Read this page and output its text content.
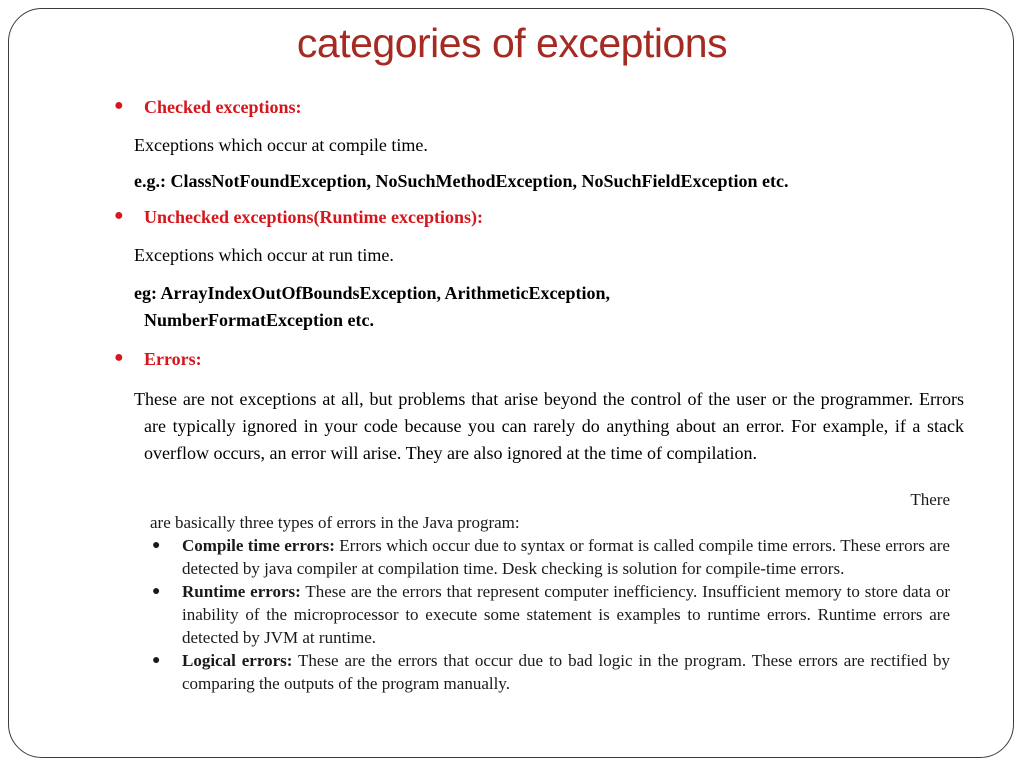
categories of exceptions
● Checked exceptions:
Exceptions which occur at compile time.
e.g.: ClassNotFoundException, NoSuchMethodException, NoSuchFieldException etc.
● Unchecked exceptions(Runtime exceptions):
Exceptions which occur at run time.
eg: ArrayIndexOutOfBoundsException, ArithmeticException, NumberFormatException etc.
● Errors:
These are not exceptions at all, but problems that arise beyond the control of the user or the programmer. Errors are typically ignored in your code because you can rarely do anything about an error. For example, if a stack overflow occurs, an error will arise. They are also ignored at the time of compilation.

There

are basically three types of errors in the Java program:

● Compile time errors: Errors which occur due to syntax or format is called compile time errors. These errors are detected by java compiler at compilation time. Desk checking is solution for compile-time errors.
● Runtime errors: These are the errors that represent computer inefficiency. Insufficient memory to store data or inability of the microprocessor to execute some statement is examples to runtime errors. Runtime errors are detected by JVM at runtime.
● Logical errors: These are the errors that occur due to bad logic in the program. These errors are rectified by comparing the outputs of the program manually.
